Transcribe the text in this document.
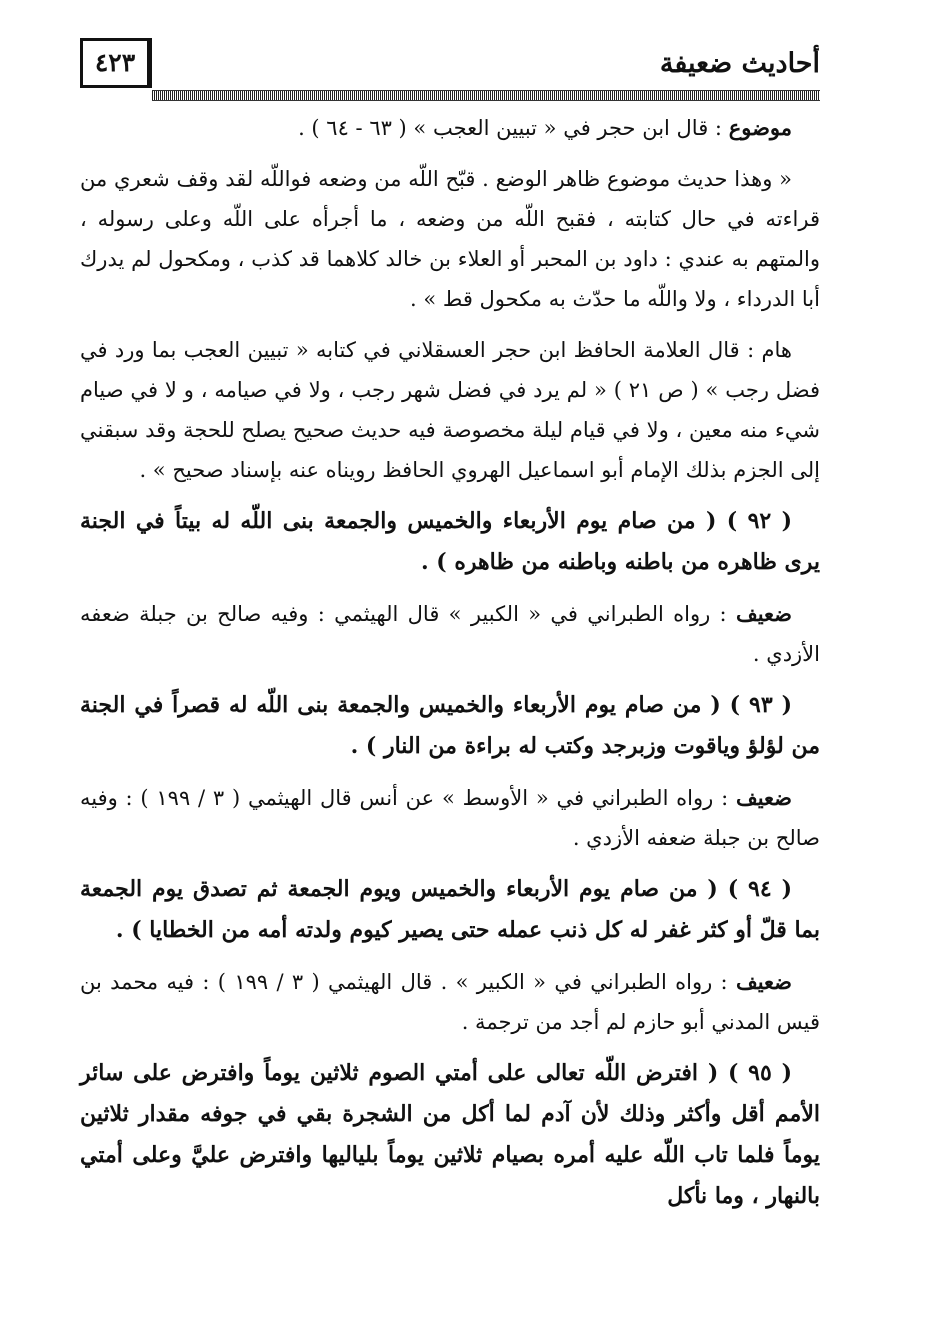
٤٢٣	أحاديث ضعيفة

موضوع : قال ابن حجر في « تبيين العجب » ( ٦٣ - ٦٤ ) .

« وهذا حديث موضوع ظاهر الوضع . قبّح اللّه من وضعه فواللّه لقد وقف شعري من قراءته في حال كتابته ، فقبح اللّه من وضعه ، ما أجرأه على اللّه وعلى رسوله ، والمتهم به عندي : داود بن المحبر أو العلاء بن خالد كلاهما قد كذب ، ومكحول لم يدرك أبا الدرداء ، ولا واللّه ما حدّث به مكحول قط » .

هام : قال العلامة الحافظ ابن حجر العسقلاني في كتابه « تبيين العجب بما ورد في فضل رجب » ( ص ٢١ ) « لم يرد في فضل شهر رجب ، ولا في صيامه ، و لا في صيام شيء منه معين ، ولا في قيام ليلة مخصوصة فيه حديث صحيح يصلح للحجة وقد سبقني إلى الجزم بذلك الإمام أبو اسماعيل الهروي الحافظ رويناه عنه بإسناد صحيح » .

( ٩٢ ) ( من صام يوم الأربعاء والخميس والجمعة بنى اللّه له بيتاً في الجنة يرى ظاهره من باطنه وباطنه من ظاهره ) .

ضعيف : رواه الطبراني في « الكبير » قال الهيثمي : وفيه صالح بن جبلة ضعفه الأزدي .

( ٩٣ ) ( من صام يوم الأربعاء والخميس والجمعة بنى اللّه له قصراً في الجنة من لؤلؤ وياقوت وزبرجد وكتب له براءة من النار ) .

ضعيف : رواه الطبراني في « الأوسط » عن أنس قال الهيثمي ( ٣ / ١٩٩ ) : وفيه صالح بن جبلة ضعفه الأزدي .

( ٩٤ ) ( من صام يوم الأربعاء والخميس ويوم الجمعة ثم تصدق يوم الجمعة بما قلّ أو كثر غفر له كل ذنب عمله حتى يصير كيوم ولدته أمه من الخطايا ) .

ضعيف : رواه الطبراني في « الكبير » . قال الهيثمي ( ٣ / ١٩٩ ) : فيه محمد بن قيس المدني أبو حازم لم أجد من ترجمة .

( ٩٥ ) ( افترض اللّه تعالى على أمتي الصوم ثلاثين يوماً وافترض على سائر الأمم أقل وأكثر وذلك لأن آدم لما أكل من الشجرة بقي في جوفه مقدار ثلاثين يوماً فلما تاب اللّه عليه أمره بصيام ثلاثين يوماً بلياليها وافترض عليَّ وعلى أمتي بالنهار ، وما نأكل
